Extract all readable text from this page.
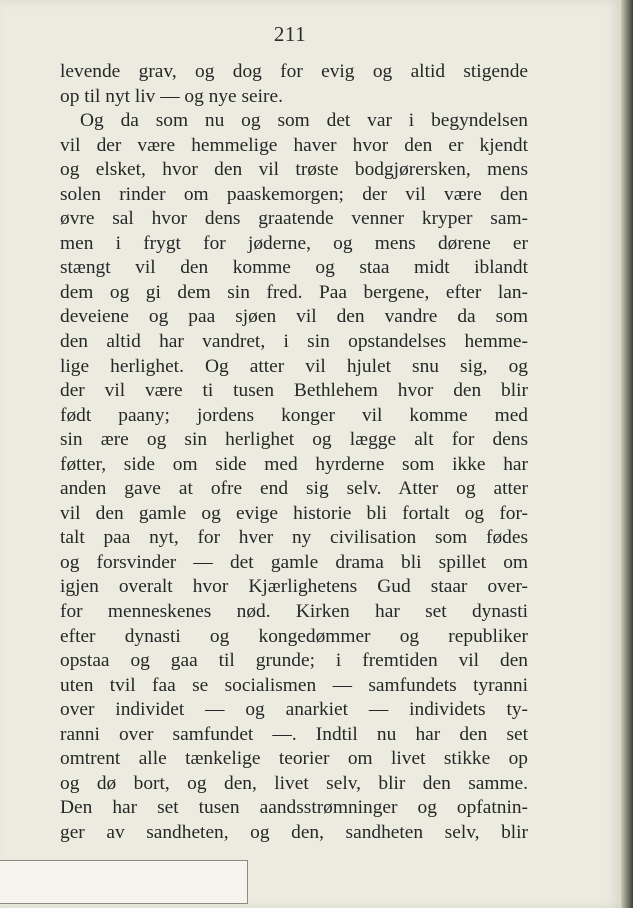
211
levende grav, og dog for evig og altid stigende
op til nyt liv — og nye seire.
Og da som nu og som det var i begyndelsen
vil der være hemmelige haver hvor den er kjendt
og elsket, hvor den vil trøste bodgjørersken, mens
solen rinder om paaskemorgen; der vil være den
øvre sal hvor dens graatende venner kryper sam-
men i frygt for jøderne, og mens dørene er
stængt vil den komme og staa midt iblandt
dem og gi dem sin fred. Paa bergene, efter lan-
deveiene og paa sjøen vil den vandre da som
den altid har vandret, i sin opstandelses hemme-
lige herlighet. Og atter vil hjulet snu sig, og
der vil være ti tusen Bethlehem hvor den blir
født paany; jordens konger vil komme med
sin ære og sin herlighet og lægge alt for dens
føtter, side om side med hyrderne som ikke har
anden gave at ofre end sig selv. Atter og atter
vil den gamle og evige historie bli fortalt og for-
talt paa nyt, for hver ny civilisation som fødes
og forsvinder — det gamle drama bli spillet om
igjen overalt hvor Kjærlighetens Gud staar over-
for menneskenes nød. Kirken har set dynasti
efter dynasti og kongedømmer og republiker
opstaa og gaa til grunde; i fremtiden vil den
uten tvil faa se socialismen — samfundets tyranni
over individet — og anarkiet — individets ty-
ranni over samfundet —. Indtil nu har den set
omtrent alle tænkelige teorier om livet stikke op
og dø bort, og den, livet selv, blir den samme.
Den har set tusen aandsstrømninger og opfatnin-
ger av sandheten, og den, sandheten selv, blir
